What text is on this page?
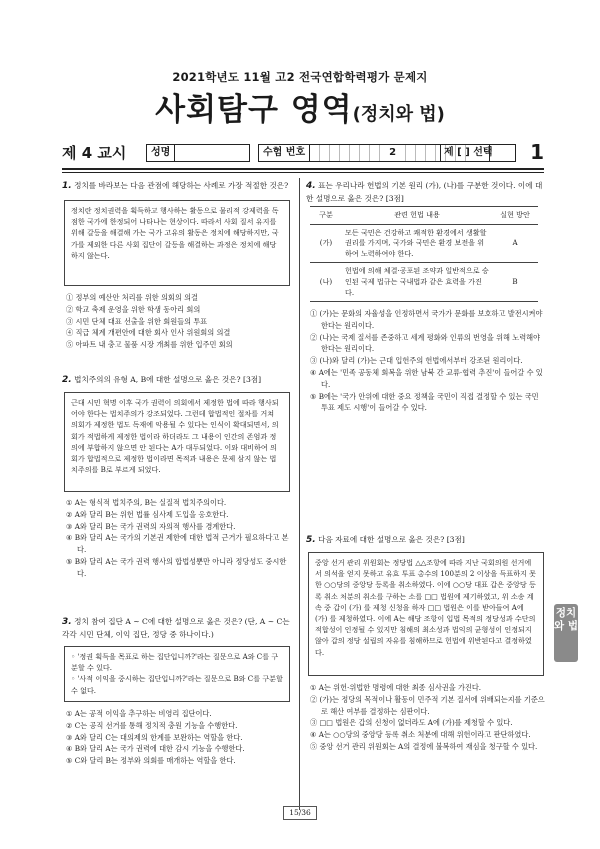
2021학년도 11월 고2 전국연합학력평가 문제지
사회탐구 영역(정치와 법)
제 4 교시	성명	수험 번호	2	제 [ ] 선택	1
1. 정치를 바라보는 다음 관점에 해당하는 사례로 가장 적절한 것은?
정치란 정치권력을 획득하고 행사하는 활동으로 물리적 강제력을 독점한 국가에 한정되어 나타나는 현상이다. 따라서 사회 질서 유지를 위해 갈등을 해결해 가는 국가 고유의 활동은 정치에 해당하지만, 국가를 제외한 다른 사회 집단이 갈등을 해결하는 과정은 정치에 해당하지 않는다.
① 정부의 예산안 처리를 위한 의회의 의결
② 학교 축제 운영을 위한 학생 동아리 회의
③ 시민 단체 대표 선출을 위한 회원들의 투표
④ 직급 체계 개편안에 대한 회사 인사 위원회의 의결
⑤ 아파트 내 충고 물품 시장 개최를 위한 입주민 회의
2. 법치주의의 유형 A, B에 대한 설명으로 옳은 것은? [3점]
근대 시민 혁명 이후 국가 권력이 의회에서 제정한 법에 따라 행사되어야 한다는 법치주의가 강조되었다. 그런데 합법적인 절차를 거쳐 의회가 제정한 법도 독재에 악용될 수 있다는 인식이 확대되면서, 의회가 적법하게 제정한 법이라 하더라도 그 내용이 인간의 존엄과 정의에 부합하지 않으면 안 된다는 A가 대두되었다. 이와 대비하여 의회가 합법적으로 제정한 법이라면 목적과 내용은 문제 삼지 않는 법치주의를 B로 부르게 되었다.
① A는 형식적 법치주의, B는 실질적 법치주의이다.
② A와 달리 B는 위헌 법률 심사제 도입을 옹호한다.
③ A와 달리 B는 국가 권력의 자의적 행사를 경계한다.
④ B와 달리 A는 국가의 기본권 제한에 대한 법적 근거가 필요하다고 본다.
⑤ B와 달리 A는 국가 권력 행사의 합법성뿐만 아니라 정당성도 중시한다.
3. 정치 참여 집단 A ~ C에 대한 설명으로 옳은 것은? (단, A ~ C는 각각 시민 단체, 이익 집단, 정당 중 하나이다.)
◦ '정권 획득을 목표로 하는 집단입니까?'라는 질문으로 A와 C를 구분할 수 있다.
◦ '사적 이익을 중시하는 집단입니까?'라는 질문으로 B와 C를 구분할 수 없다.
① A는 공적 이익을 추구하는 비영리 집단이다.
② C는 공직 선거를 통해 정치적 충원 기능을 수행한다.
③ A와 달리 C는 대의제의 한계를 보완하는 역할을 한다.
④ B와 달리 A는 국가 권력에 대한 감시 기능을 수행한다.
⑤ C와 달리 B는 정부와 의회를 매개하는 역할을 한다.
4. 표는 우리나라 헌법의 기본 원리 (가), (나)를 구분한 것이다. 이에 대한 설명으로 옳은 것은? [3점]
구분	관련 헌법 내용	실현 방안
(가)	모든 국민은 건강하고 쾌적한 환경에서 생활할 권리를 가지며, 국가와 국민은 환경 보전을 위하여 노력하여야 한다.	A
(나)	헌법에 의해 체결·공포된 조약과 일반적으로 승인된 국제 법규는 국내법과 같은 효력을 가진다.	B
① (가)는 문화의 자율성을 인정하면서 국가가 문화를 보호하고 발전시켜야 한다는 원리이다.
② (나)는 국제 질서를 존중하고 세계 평화와 인류의 번영을 위해 노력해야 한다는 원리이다.
③ (나)와 달리 (가)는 근대 입헌주의 헌법에서부터 강조된 원리이다.
④ A에는 '민족 공동체 회복을 위한 남북 간 교류·협력 추진'이 들어갈 수 있다.
⑤ B에는 '국가 안위에 대한 중요 정책을 국민이 직접 결정할 수 있는 국민 투표 제도 시행'이 들어갈 수 있다.
5. 다음 자료에 대한 설명으로 옳은 것은? [3점]
중앙 선거 관리 위원회는 정당법 △△조항에 따라 지난 국회의원 선거에서 의석을 얻지 못하고 유효 투표 총수의 100분의 2 이상을 득표하지 못한 ○○당의 중앙당 등록을 취소하였다. 이에 ○○당 대표 갑은 중앙당 등록 취소 처분의 취소를 구하는 소를 □□ 법원에 제기하였고, 위 소송 계속 중 갑이 (가) 를 제청 신청을 하자 □□ 법원은 이를 받아들여 A에 (가) 를 제청하였다. 이에 A는 해당 조항이 입법 목적의 정당성과 수단의 적합성이 인정될 수 있지만 침해의 최소성과 법익의 균형성이 인정되지 않아 갑의 정당 설립의 자유를 침해하므로 헌법에 위반된다고 결정하였다.
① A는 위헌·위법한 명령에 대한 최종 심사권을 가진다.
② (가)는 정당의 목적이나 활동이 민주적 기본 질서에 위배되는지를 기준으로 해산 여부를 결정하는 심판이다.
③ □□ 법원은 갑의 신청이 없더라도 A에 (가)를 제청할 수 있다.
④ A는 ○○당의 중앙당 등록 취소 처분에 대해 위헌이라고 판단하였다.
⑤ 중앙 선거 관리 위원회는 A의 결정에 불복하여 재심을 청구할 수 있다.
정치와 법
15/36
